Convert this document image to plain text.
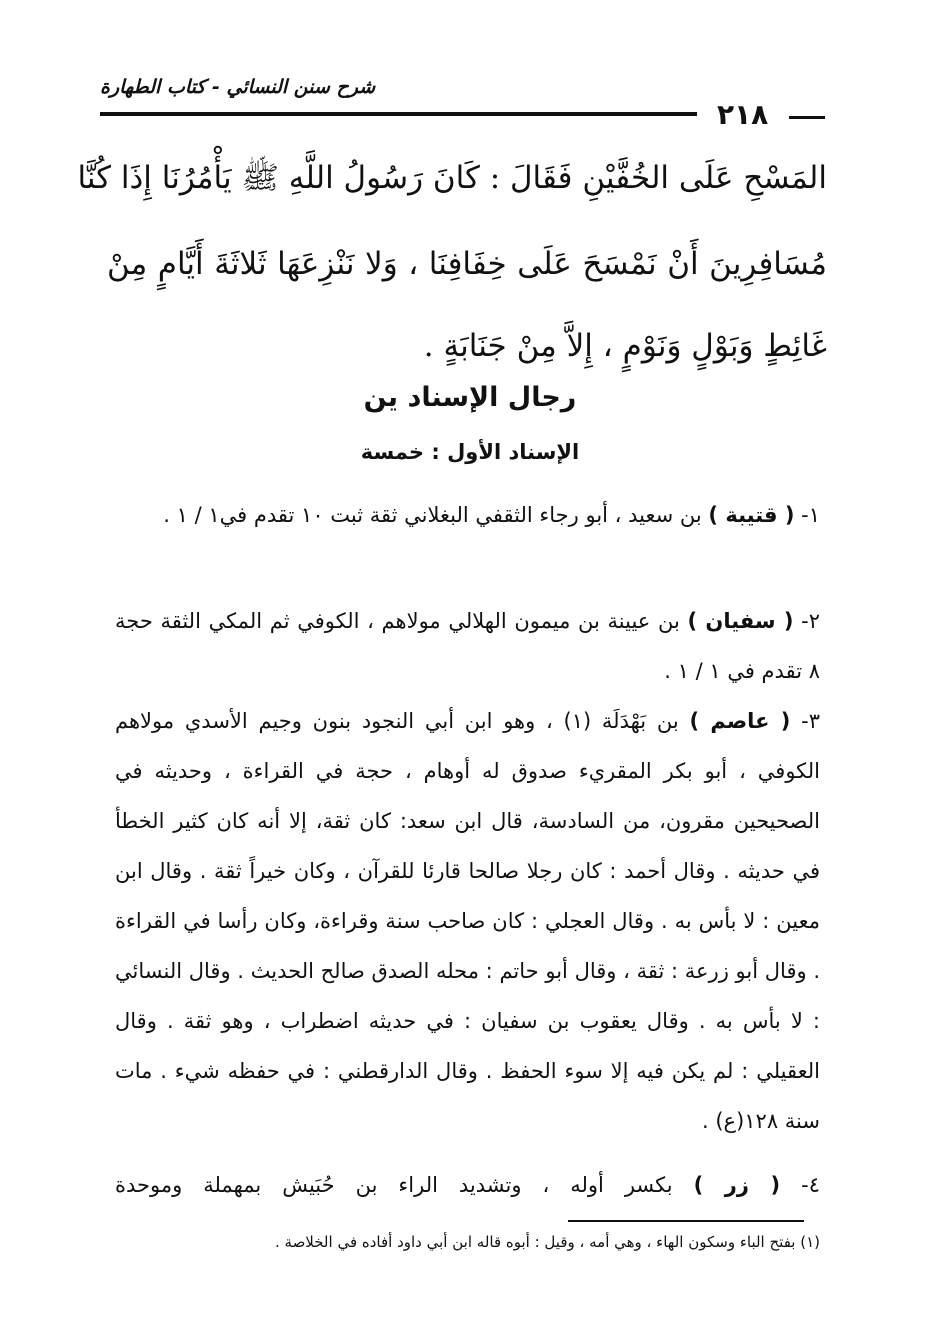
شرح سنن النسائي - كتاب الطهارة
٢١٨
المَسْحِ عَلَى الخُفَّيْنِ فَقَالَ : كَانَ رَسُولُ اللَّهِ ﷺ يَأْمُرُنَا إِذَا كُنَّا
مُسَافِرِينَ أَنْ نَمْسَحَ عَلَى خِفَافِنَا ، وَلا نَنْزِعَهَا ثَلاثَةَ أَيَّامٍ مِنْ
غَائِطٍ وَبَوْلٍ وَنَوْمٍ ، إِلاَّ مِنْ جَنَابَةٍ .
رجال الإسناد ين
الإسناد الأول : خمسة
١- ( قتيبة ) بن سعيد ، أبو رجاء الثقفي البغلاني ثقة ثبت ١٠ تقدم في١ / ١ .
٢- ( سفيان ) بن عيينة بن ميمون الهلالي مولاهم ، الكوفي ثم المكي الثقة حجة ٨ تقدم في ١ / ١ .
٣- ( عاصم ) بن بَهْدَلَة (١) ، وهو ابن أبي النجود بنون وجيم الأسدي مولاهم الكوفي ، أبو بكر المقريء صدوق له أوهام ، حجة في القراءة ، وحديثه في الصحيحين مقرون، من السادسة، قال ابن سعد: كان ثقة، إلا أنه كان كثير الخطأ في حديثه . وقال أحمد : كان رجلا صالحا قارئا للقرآن ، وكان خيراً ثقة . وقال ابن معين : لا بأس به . وقال العجلي : كان صاحب سنة وقراءة، وكان رأسا في القراءة . وقال أبو زرعة : ثقة ، وقال أبو حاتم : محله الصدق صالح الحديث . وقال النسائي : لا بأس به . وقال يعقوب بن سفيان : في حديثه اضطراب ، وهو ثقة . وقال العقيلي : لم يكن فيه إلا سوء الحفظ . وقال الدارقطني : في حفظه شيء . مات سنة ١٢٨(ع) .
٤- ( زر ) بكسر أوله ، وتشديد الراء بن حُبَيش بمهملة وموحدة
(١) بفتح الباء وسكون الهاء ، وهي أمه ، وقيل : أبوه قاله ابن أبي داود أفاده في الخلاصة .
